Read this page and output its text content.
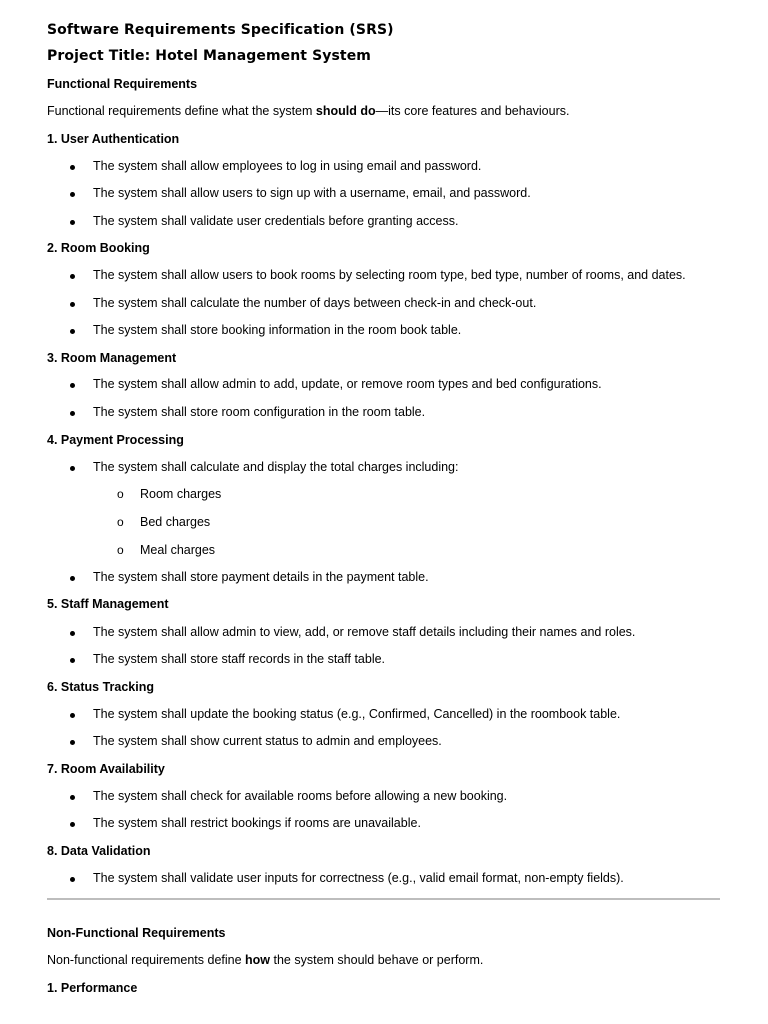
Software Requirements Specification (SRS)
Project Title: Hotel Management System
Functional Requirements
Functional requirements define what the system should do—its core features and behaviours.
1. User Authentication
The system shall allow employees to log in using email and password.
The system shall allow users to sign up with a username, email, and password.
The system shall validate user credentials before granting access.
2. Room Booking
The system shall allow users to book rooms by selecting room type, bed type, number of rooms, and dates.
The system shall calculate the number of days between check-in and check-out.
The system shall store booking information in the room book table.
3. Room Management
The system shall allow admin to add, update, or remove room types and bed configurations.
The system shall store room configuration in the room table.
4. Payment Processing
The system shall calculate and display the total charges including:
o Room charges
o Bed charges
o Meal charges
The system shall store payment details in the payment table.
5. Staff Management
The system shall allow admin to view, add, or remove staff details including their names and roles.
The system shall store staff records in the staff table.
6. Status Tracking
The system shall update the booking status (e.g., Confirmed, Cancelled) in the roombook table.
The system shall show current status to admin and employees.
7. Room Availability
The system shall check for available rooms before allowing a new booking.
The system shall restrict bookings if rooms are unavailable.
8. Data Validation
The system shall validate user inputs for correctness (e.g., valid email format, non-empty fields).
Non-Functional Requirements
Non-functional requirements define how the system should behave or perform.
1. Performance
